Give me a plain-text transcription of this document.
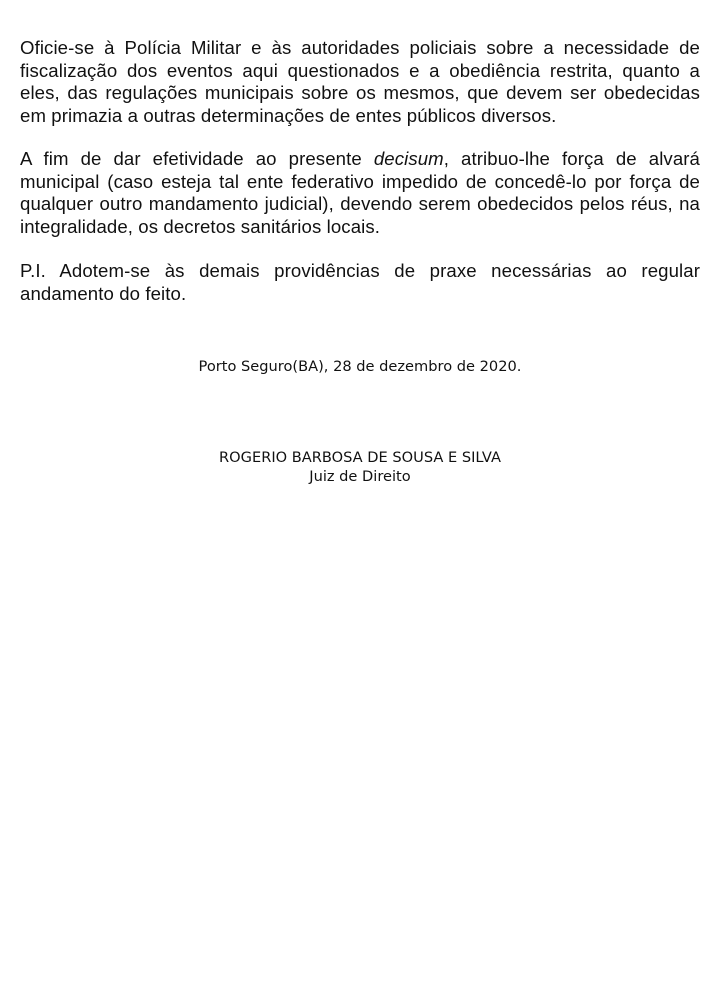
Oficie-se à Polícia Militar e às autoridades policiais sobre a necessidade de fiscalização dos eventos aqui questionados e a obediência restrita, quanto a eles, das regulações municipais sobre os mesmos, que devem ser obedecidas em primazia a outras determinações de entes públicos diversos.

A fim de dar efetividade ao presente decisum, atribuo-lhe força de alvará municipal (caso esteja tal ente federativo impedido de concedê-lo por força de qualquer outro mandamento judicial), devendo serem obedecidos pelos réus, na integralidade, os decretos sanitários locais.

P.I. Adotem-se às demais providências de praxe necessárias ao regular andamento do feito.

Porto Seguro(BA), 28 de dezembro de 2020.
ROGERIO BARBOSA DE SOUSA E SILVA
Juiz de Direito
